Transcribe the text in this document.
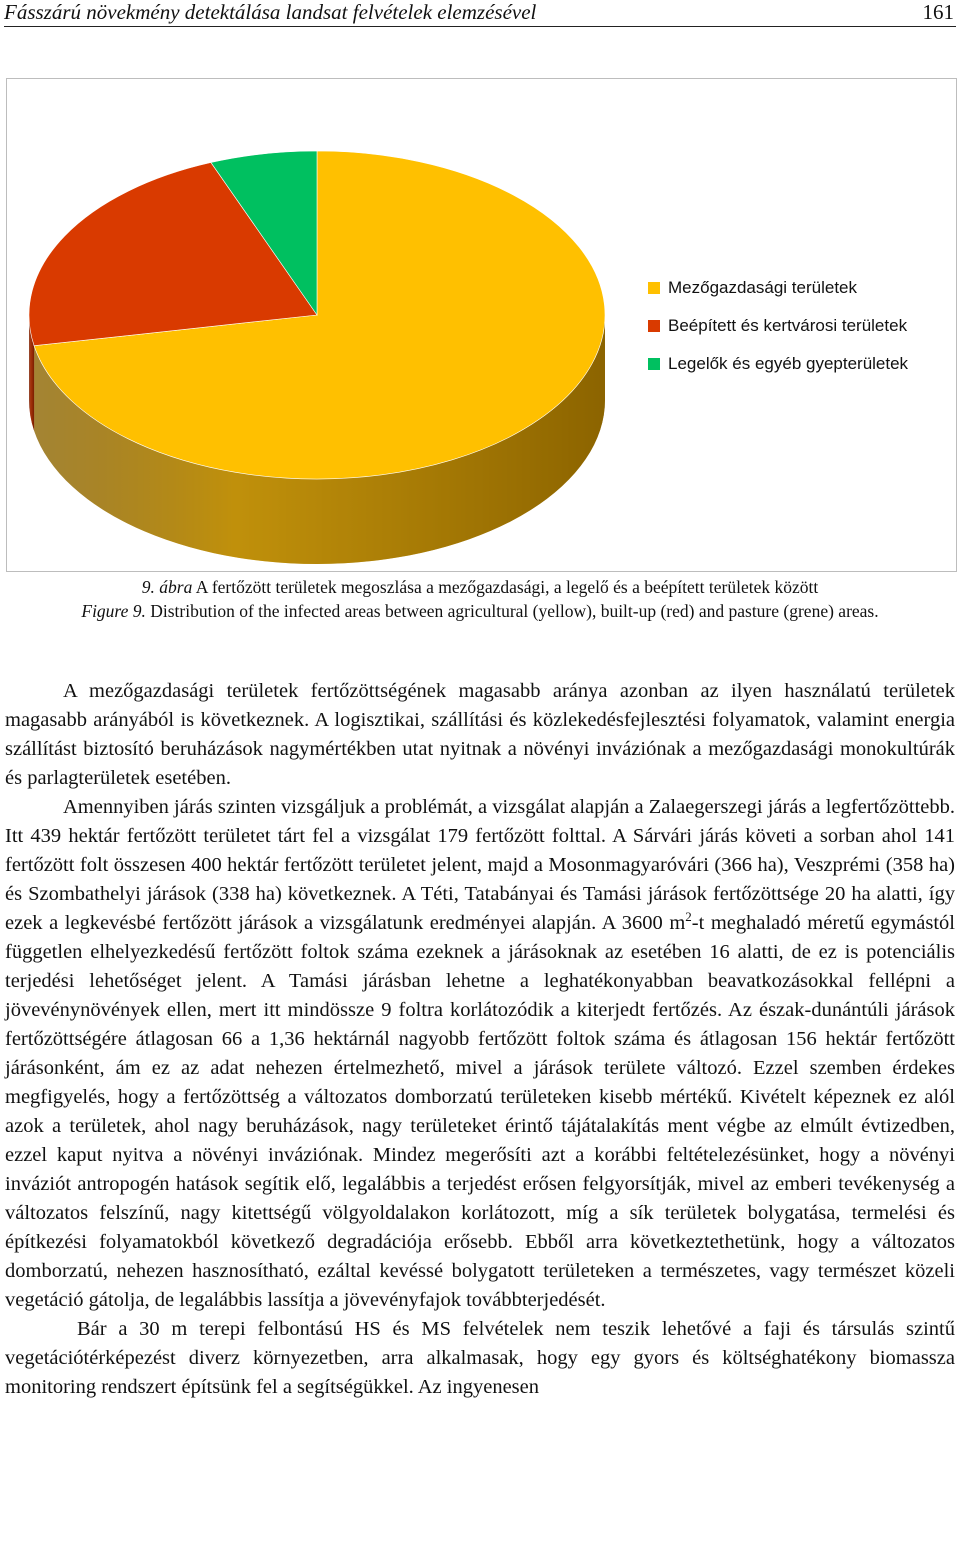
Fásszárú növekmény detektálása landsat felvételek elemzésével	161
Mezőgazdasági területek
Beépített és kertvárosi területek
Legelők és egyéb gyepterületek
9. ábra A fertőzött területek megoszlása a mezőgazdasági, a legelő és a beépített területek között
Figure 9. Distribution of the infected areas between agricultural (yellow), built-up (red) and pasture (grene) areas.

A mezőgazdasági területek fertőzöttségének magasabb aránya azonban az ilyen használatú területek magasabb arányából is következnek. A logisztikai, szállítási és közlekedésfejlesztési folyamatok, valamint energia szállítást biztosító beruházások nagymértékben utat nyitnak a növényi inváziónak a mezőgazdasági monokultúrák és parlagterületek esetében.

Amennyiben járás szinten vizsgáljuk a problémát, a vizsgálat alapján a Zalaegerszegi járás a legfertőzöttebb. Itt 439 hektár fertőzött területet tárt fel a vizsgálat 179 fertőzött folttal. A Sárvári járás követi a sorban ahol 141 fertőzött folt összesen 400 hektár fertőzött területet jelent, majd a Mosonmagyaróvári (366 ha), Veszprémi (358 ha) és Szombathelyi járások (338 ha) következnek. A Téti, Tatabányai és Tamási járások fertőzöttsége 20 ha alatti, így ezek a legkevésbé fertőzött járások a vizsgálatunk eredményei alapján. A 3600 $m^2-t$ meghaladó méretű egymástól független elhelyezkedésű fertőzött foltok száma ezeknek a járásoknak az esetében 16 alatti, de ez is potenciális terjedési lehetőséget jelent. A Tamási járásban lehetne a leghatékonyabban beavatkozásokkal fellépni a jövevénynövények ellen, mert itt mindössze 9 foltra korlátozódik a kiterjedt fertőzés. Az észak-dunántúli járások fertőzöttségére átlagosan 66 a 1,36 hektárnál nagyobb fertőzött foltok száma és átlagosan 156 hektár fertőzött járásonként, ám ez az adat nehezen értelmezhető, mivel a járások területe változó. Ezzel szemben érdekes megfigyelés, hogy a fertőzöttség a változatos domborzatú területeken kisebb mértékű. Kivételt képeznek ez alól azok a területek, ahol nagy beruházások, nagy területeket érintő tájátalakítás ment végbe az elmúlt évtizedben, ezzel kaput nyitva a növényi inváziónak. Mindez megerősíti azt a korábbi feltételezésünket, hogy a növényi inváziót antropogén hatások segítik elő, legalábbis a terjedést erősen felgyorsítják, mivel az emberi tevékenység a változatos felszínű, nagy kitettségű völgyoldalakon korlátozott, míg a sík területek bolygatása, termelési és építkezési folyamatokból következő degradációja erősebb. Ebből arra következtethetünk, hogy a változatos domborzatú, nehezen hasznosítható, ezáltal kevéssé bolygatott területeken a természetes, vagy természet közeli vegetáció gátolja, de legalábbis lassítja a jövevényfajok továbbterjedését.

Bár a 30 m terepi felbontású HS és MS felvételek nem teszik lehetővé a faji és társulás szintű vegetációtérképezést diverz környezetben, arra alkalmasak, hogy egy gyors és költséghatékony biomassza monitoring rendszert építsünk fel a segítségükkel. Az ingyenesen
